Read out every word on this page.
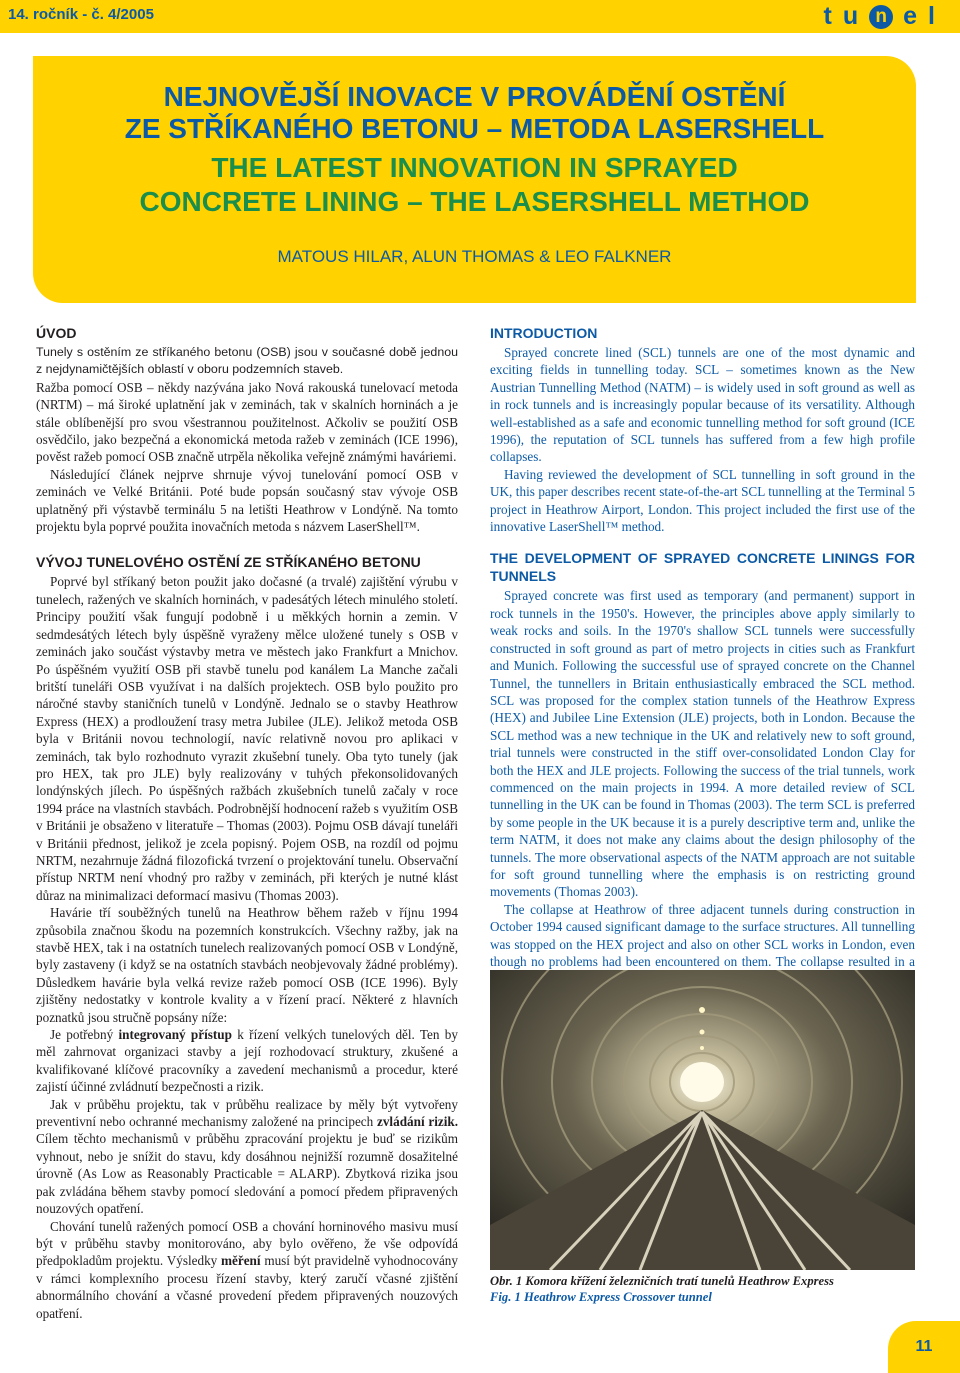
14. ročník - č. 4/2005	tu n el
NEJNOVĚJŠÍ INOVACE V PROVÁDĚNÍ OSTĚNÍ
ZE STŘÍKANÉHO BETONU – METODA LASERSHELL
THE LATEST INNOVATION IN SPRAYED
CONCRETE LINING – THE LASERSHELL METHOD
MATOUS HILAR, ALUN THOMAS & LEO FALKNER
ÚVOD
Tunely s ostěním ze stříkaného betonu (OSB) jsou v současné době jednou z nejdynamičtějších oblastí v oboru podzemních staveb.
Ražba pomocí OSB – někdy nazývána jako Nová rakouská tunelovací metoda (NRTM) – má široké uplatnění jak v zeminách, tak v skalních horninách a je stále oblíbenější pro svou všestrannou použitelnost. Ačkoliv se použití OSB osvědčilo, jako bezpečná a ekonomická metoda ražeb v zeminách (ICE 1996), pověst ražeb pomocí OSB značně utrpěla několika veřejně známými haváriemi.
Následující článek nejprve shrnuje vývoj tunelování pomocí OSB v zeminách ve Velké Británii. Poté bude popsán současný stav vývoje OSB uplatněný při výstavbě terminálu 5 na letišti Heathrow v Londýně. Na tomto projektu byla poprvé použita inovačních metoda s názvem LaserShell™.
VÝVOJ TUNELOVÉHO OSTĚNÍ ZE STŘÍKANÉHO BETONU
Poprvé byl stříkaný beton použit jako dočasné (a trvalé) zajištění výrubu v tunelech, ražených ve skalních horninách, v padesátých létech minulého století. Principy použití však fungují podobně i u měkkých hornin a zemin. V sedmdesátých létech byly úspěšně vyraženy mělce uložené tunely s OSB v zeminách jako součást výstavby metra ve městech jako Frankfurt a Mnichov. Po úspěšném využití OSB při stavbě tunelu pod kanálem La Manche začali britští tuneláři OSB využívat i na dalších projektech. OSB bylo použito pro náročné stavby staničních tunelů v Londýně. Jednalo se o stavby Heathrow Express (HEX) a prodloužení trasy metra Jubilee (JLE). Jelikož metoda OSB byla v Británii novou technologií, navíc relativně novou pro aplikaci v zeminách, tak bylo rozhodnuto vyrazit zkušební tunely. Oba tyto tunely (jak pro HEX, tak pro JLE) byly realizovány v tuhých překonsolidovaných londýnských jílech. Po úspěšných ražbách zkušebních tunelů začaly v roce 1994 práce na vlastních stavbách. Podrobnější hodnocení ražeb s využitím OSB v Británii je obsaženo v literatuře – Thomas (2003). Pojmu OSB dávají tuneláři v Británii přednost, jelikož je zcela popisný. Pojem OSB, na rozdíl od pojmu NRTM, nezahrnuje žádná filozofická tvrzení o projektování tunelu. Observační přístup NRTM není vhodný pro ražby v zeminách, při kterých je nutné klást důraz na minimalizaci deformací masivu (Thomas 2003).
Havárie tří souběžných tunelů na Heathrow během ražeb v říjnu 1994 způsobila značnou škodu na pozemních konstrukcích. Všechny ražby, jak na stavbě HEX, tak i na ostatních tunelech realizovaných pomocí OSB v Londýně, byly zastaveny (i když se na ostatních stavbách neobjevovaly žádné problémy). Důsledkem havárie byla velká revize ražeb pomocí OSB (ICE 1996). Byly zjištěny nedostatky v kontrole kvality a v řízení prací. Některé z hlavních poznatků jsou stručně popsány níže:
Je potřebný integrovaný přístup k řízení velkých tunelových děl. Ten by měl zahrnovat organizaci stavby a její rozhodovací struktury, zkušené a kvalifikované klíčové pracovníky a zavedení mechanismů a procedur, které zajistí účinné zvládnutí bezpečnosti a rizik.
Jak v průběhu projektu, tak v průběhu realizace by měly být vytvořeny preventivní nebo ochranné mechanismy založené na principech zvládání rizik. Cílem těchto mechanismů v průběhu zpracování projektu je buď se rizikům vyhnout, nebo je snížit do stavu, kdy dosáhnou nejnižší rozumně dosažitelné úrovně (As Low as Reasonably Practicable = ALARP). Zbytková rizika jsou pak zvládána během stavby pomocí sledování a pomocí předem připravených nouzových opatření.
Chování tunelů ražených pomocí OSB a chování horninového masivu musí být v průběhu stavby monitorováno, aby bylo ověřeno, že vše odpovídá předpokladům projektu. Výsledky měření musí být pravidelně vyhodnocovány v rámci komplexního procesu řízení stavby, který zaručí včasné zjištění abnormálního chování a včasné provedení předem připravených nouzových opatření.
INTRODUCTION
Sprayed concrete lined (SCL) tunnels are one of the most dynamic and exciting fields in tunnelling today. SCL – sometimes known as the New Austrian Tunnelling Method (NATM) – is widely used in soft ground as well as in rock tunnels and is increasingly popular because of its versatility. Although well-established as a safe and economic tunnelling method for soft ground (ICE 1996), the reputation of SCL tunnels has suffered from a few high profile collapses.
Having reviewed the development of SCL tunnelling in soft ground in the UK, this paper describes recent state-of-the-art SCL tunnelling at the Terminal 5 project in Heathrow Airport, London. This project included the first use of the innovative LaserShell™ method.
THE DEVELOPMENT OF SPRAYED CONCRETE LININGS FOR TUNNELS
Sprayed concrete was first used as temporary (and permanent) support in rock tunnels in the 1950's. However, the principles above apply similarly to weak rocks and soils. In the 1970's shallow SCL tunnels were successfully constructed in soft ground as part of metro projects in cities such as Frankfurt and Munich. Following the successful use of sprayed concrete on the Channel Tunnel, the tunnellers in Britain enthusiastically embraced the SCL method. SCL was proposed for the complex station tunnels of the Heathrow Express (HEX) and Jubilee Line Extension (JLE) projects, both in London. Because the SCL method was a new technique in the UK and relatively new to soft ground, trial tunnels were constructed in the stiff over-consolidated London Clay for both the HEX and JLE projects. Following the success of the trial tunnels, work commenced on the main projects in 1994. A more detailed review of SCL tunnelling in the UK can be found in Thomas (2003). The term SCL is preferred by some people in the UK because it is a purely descriptive term and, unlike the term NATM, it does not make any claims about the design philosophy of the tunnels. The more observational aspects of the NATM approach are not suitable for soft ground tunnelling where the emphasis is on restricting ground movements (Thomas 2003).
The collapse at Heathrow of three adjacent tunnels during construction in October 1994 caused significant damage to the surface structures. All tunnelling was stopped on the HEX project and also on other SCL works in London, even though no problems had been encountered on them. The collapse resulted in a
Obr. 1 Komora křížení železničních tratí tunelů Heathrow Express
Fig. 1 Heathrow Express Crossover tunnel
11
